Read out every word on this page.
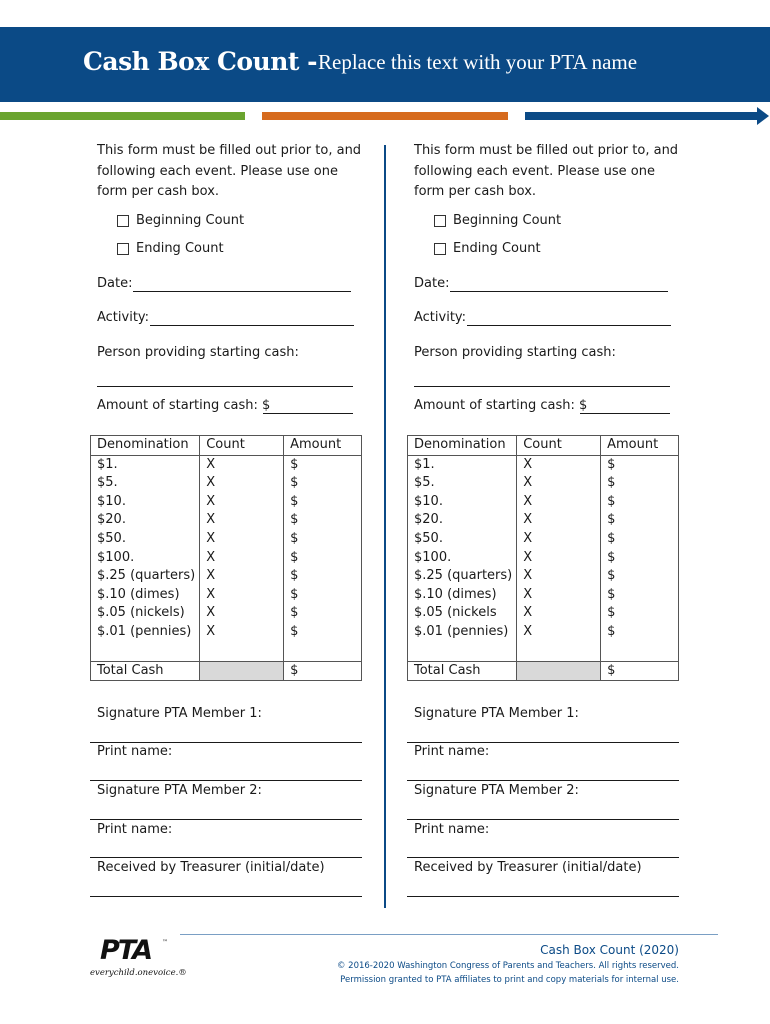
Cash Box Count - Replace this text with your PTA name
This form must be filled out prior to, and following each event. Please use one form per cash box.
Beginning Count
Ending Count
Date:
Activity:
Person providing starting cash:
Amount of starting cash: $
Denomination	Count	Amount
$1.	X	$
$5.	X	$
$10.	X	$
$20.	X	$
$50.	X	$
$100.	X	$
$.25 (quarters)	X	$
$.10 (dimes)	X	$
$.05 (nickels)	X	$
$.01 (pennies)	X	$

Total Cash		$
Signature PTA Member 1:
Print name:
Signature PTA Member 2:
Print name:
Received by Treasurer (initial/date)
This form must be filled out prior to, and following each event. Please use one form per cash box.
Beginning Count
Ending Count
Date:
Activity:
Person providing starting cash:
Amount of starting cash: $
Denomination	Count	Amount
$1.	X	$
$5.	X	$
$10.	X	$
$20.	X	$
$50.	X	$
$100.	X	$
$.25 (quarters)	X	$
$.10 (dimes)	X	$
$.05 (nickels	X	$
$.01 (pennies)	X	$

Total Cash		$
Signature PTA Member 1:
Print name:
Signature PTA Member 2:
Print name:
Received by Treasurer (initial/date)
PTA ™
everychild.onevoice.®
Cash Box Count (2020)
© 2016-2020 Washington Congress of Parents and Teachers. All rights reserved.
Permission granted to PTA affiliates to print and copy materials for internal use.
